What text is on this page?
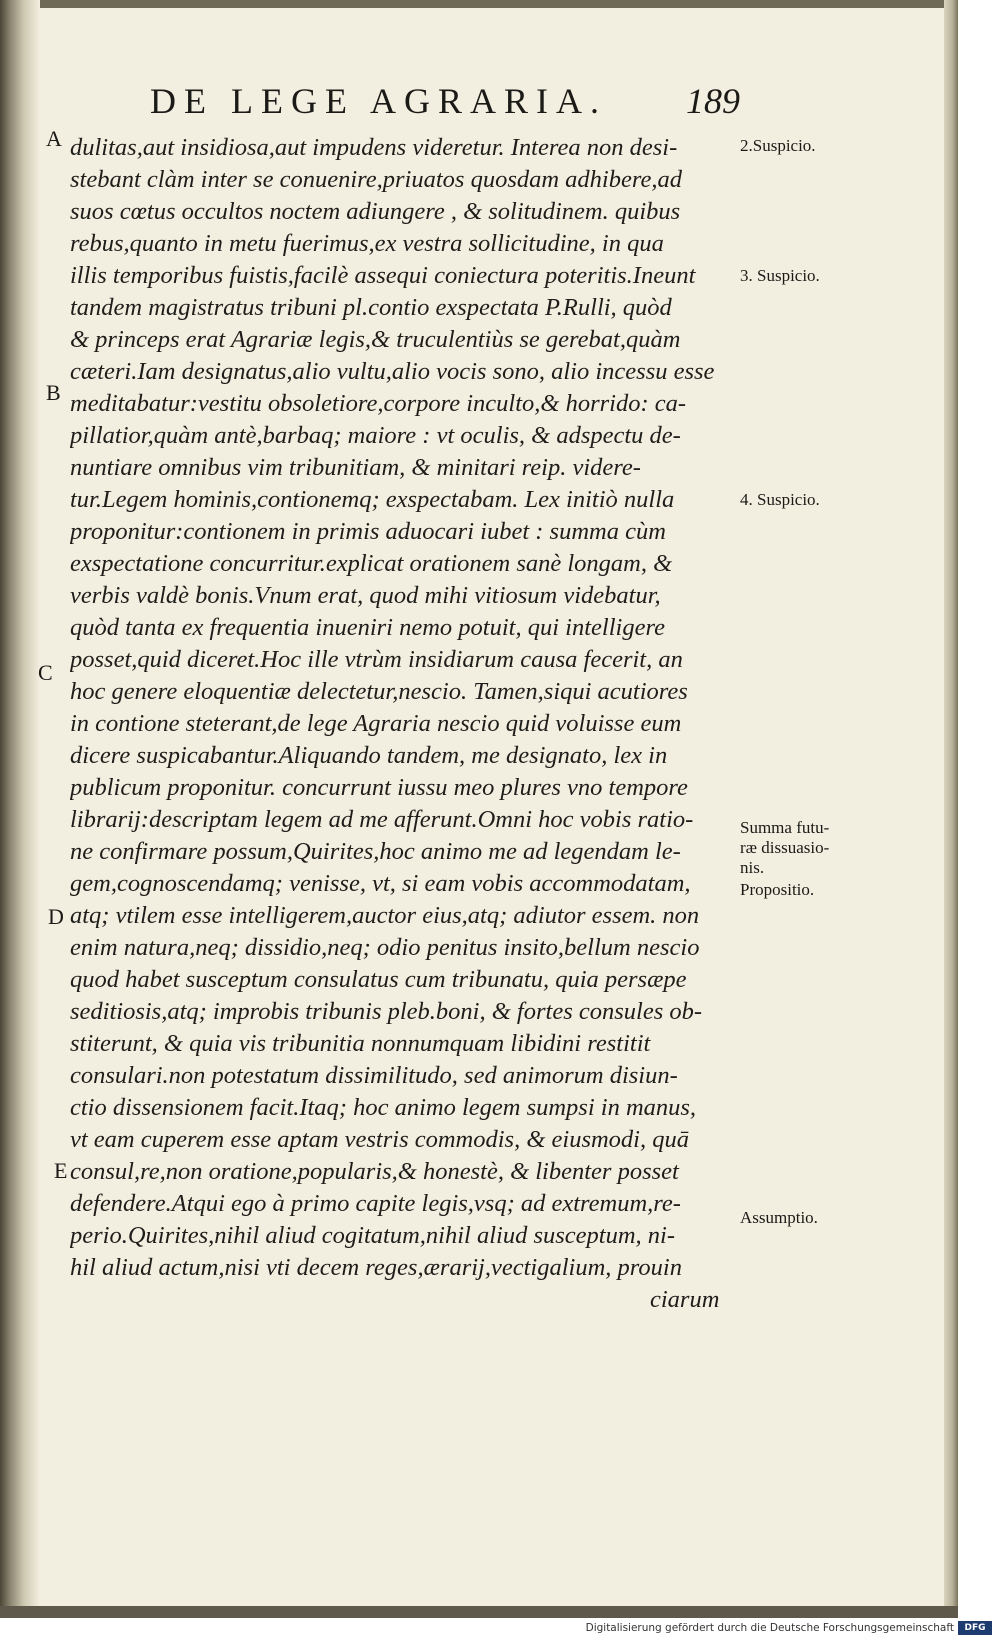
DE LEGE AGRARIA. 189
A
B
C
D
E
dulitas,aut insidiosa,aut impudens videretur. Interea non desi-
stebant clàm inter se conuenire,priuatos quosdam adhibere,ad
suos cœtus occultos noctem adiungere , & solitudinem. quibus
rebus,quanto in metu fuerimus,ex vestra sollicitudine, in qua
illis temporibus fuistis,facilè assequi coniectura poteritis.Ineunt
tandem magistratus tribuni pl.contio exspectata P.Rulli, quòd
& princeps erat Agrariæ legis,& truculentiùs se gerebat,quàm
cæteri.Iam designatus,alio vultu,alio vocis sono, alio incessu esse
meditabatur:vestitu obsoletiore,corpore inculto,& horrido: ca-
pillatior,quàm antè,barbaq; maiore : vt oculis, & adspectu de-
nuntiare omnibus vim tribunitiam, & minitari reip. videre-
tur.Legem hominis,contionemq; exspectabam. Lex initiò nulla
proponitur:contionem in primis aduocari iubet : summa cùm
exspectatione concurritur.explicat orationem sanè longam, &
verbis valdè bonis.Vnum erat, quod mihi vitiosum videbatur,
quòd tanta ex frequentia inueniri nemo potuit, qui intelligere
posset,quid diceret.Hoc ille vtrùm insidiarum causa fecerit, an
hoc genere eloquentiæ delectetur,nescio. Tamen,siqui acutiores
in contione steterant,de lege Agraria nescio quid voluisse eum
dicere suspicabantur.Aliquando tandem, me designato, lex in
publicum proponitur. concurrunt iussu meo plures vno tempore
librarij:descriptam legem ad me afferunt.Omni hoc vobis ratio-
ne confirmare possum,Quirites,hoc animo me ad legendam le-
gem,cognoscendamq; venisse, vt, si eam vobis accommodatam,
atq; vtilem esse intelligerem,auctor eius,atq; adiutor essem. non
enim natura,neq; dissidio,neq; odio penitus insito,bellum nescio
quod habet susceptum consulatus cum tribunatu, quia persæpe
seditiosis,atq; improbis tribunis pleb.boni, & fortes consules ob-
stiterunt, & quia vis tribunitia nonnumquam libidini restitit
consulari.non potestatum dissimilitudo, sed animorum disiun-
ctio dissensionem facit.Itaq; hoc animo legem sumpsi in manus,
vt eam cuperem esse aptam vestris commodis, & eiusmodi, quā
consul,re,non oratione,popularis,& honestè, & libenter posset
defendere.Atqui ego à primo capite legis,vsq; ad extremum,re-
perio.Quirites,nihil aliud cogitatum,nihil aliud susceptum, ni-
hil aliud actum,nisi vti decem reges,ærarij,vectigalium, prouin
ciarum
2.Suspicio.
3. Suspicio.
4. Suspicio.
Summa futu-
ræ dissuasio-
nis.
Propositio.
Assumptio.
Digitalisierung gefördert durch die Deutsche Forschungsgemeinschaft	DFG
